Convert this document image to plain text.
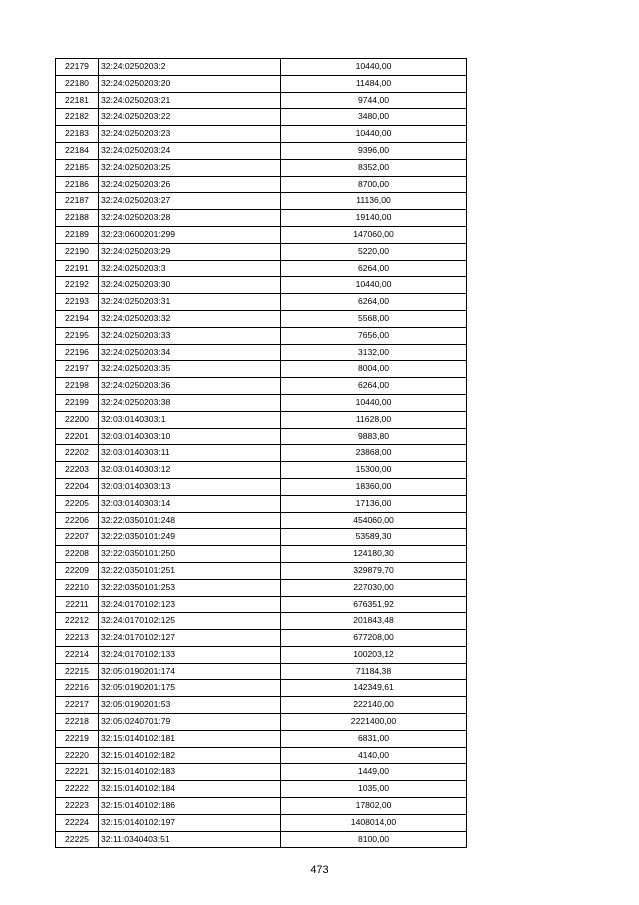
22179	32:24:0250203:2	10440,00
22180	32:24:0250203:20	11484,00
22181	32:24:0250203:21	9744,00
22182	32:24:0250203:22	3480,00
22183	32:24:0250203:23	10440,00
22184	32:24:0250203:24	9396,00
22185	32:24:0250203:25	8352,00
22186	32:24:0250203:26	8700,00
22187	32:24:0250203:27	11136,00
22188	32:24:0250203:28	19140,00
22189	32:23:0600201:299	147060,00
22190	32:24:0250203:29	5220,00
22191	32:24:0250203:3	6264,00
22192	32:24:0250203:30	10440,00
22193	32:24:0250203:31	6264,00
22194	32:24:0250203:32	5568,00
22195	32:24:0250203:33	7656,00
22196	32:24:0250203:34	3132,00
22197	32:24:0250203:35	8004,00
22198	32:24:0250203:36	6264,00
22199	32:24:0250203:38	10440,00
22200	32:03:0140303:1	11628,00
22201	32:03:0140303:10	9883,80
22202	32:03:0140303:11	23868,00
22203	32:03:0140303:12	15300,00
22204	32:03:0140303:13	18360,00
22205	32:03:0140303:14	17136,00
22206	32:22:0350101:248	454060,00
22207	32:22:0350101:249	53589,30
22208	32:22:0350101:250	124180,30
22209	32:22:0350101:251	329879,70
22210	32:22:0350101:253	227030,00
22211	32:24:0170102:123	676351,92
22212	32:24:0170102:125	201843,48
22213	32:24:0170102:127	677208,00
22214	32:24:0170102:133	100203,12
22215	32:05:0190201:174	71184,38
22216	32:05:0190201:175	142349,61
22217	32:05:0190201:53	222140,00
22218	32:05:0240701:79	2221400,00
22219	32:15:0140102:181	6831,00
22220	32:15:0140102:182	4140,00
22221	32:15:0140102:183	1449,00
22222	32:15:0140102:184	1035,00
22223	32:15:0140102:186	17802,00
22224	32:15:0140102:197	1408014,00
22225	32:11:0340403:51	8100,00
473
